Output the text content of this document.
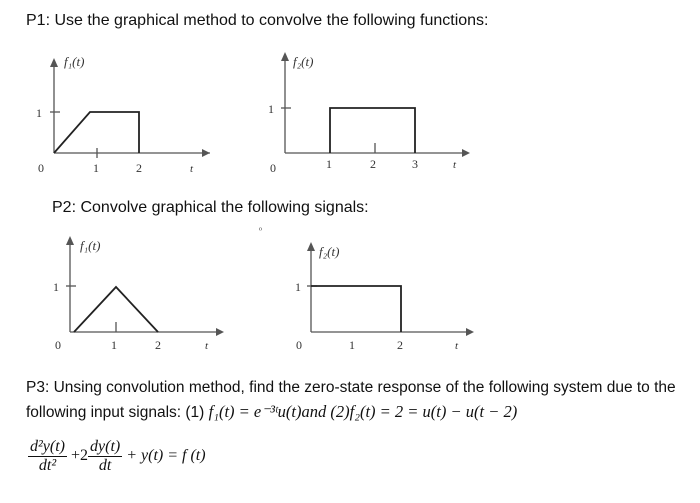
P1: Use the graphical method to convolve the following functions:
f₁(t)
1
0	1	2	t
f₂(t)
1
0	1	2	3	t
f₁(t)
1
0	1	2	t
ᵒ
f₂(t)
1
0	1	2	t
P2: Convolve graphical the following signals:
P3: Unsing convolution method, find the zero-state response of the following system due to the
following input signals: (1) f₁(t) = e⁻³ᵗu(t)and (2)f₂(t) = 2 = u(t) − u(t − 2)
$\frac{\text{d²y(t)}}{\text{dt²}} +2 \frac{dy(t)}{dt} + y(t) = f$ (t)
